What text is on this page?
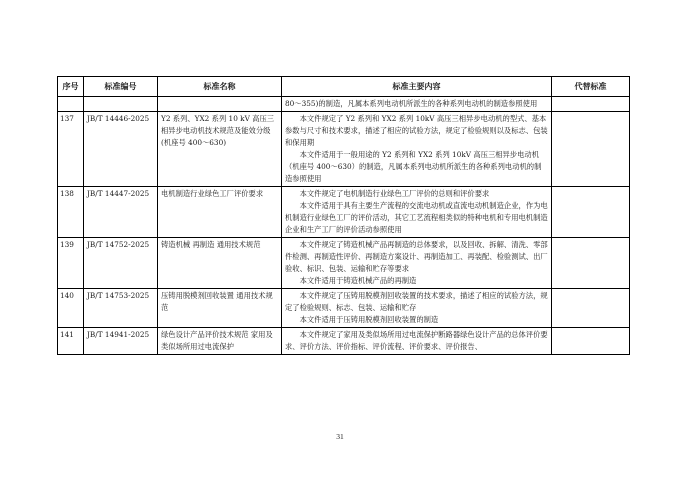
序号	标准编号	标准名称	标准主要内容	代替标准

			80～355)的制造，凡属本系列电动机所派生的各种系列电动机的制造参照使用	

137	JB/T 14446-2025	Y2 系列、YX2 系列 10 kV 高压三相异步电动机技术规范及能效分级(机座号 400～630)	本文件规定了 Y2 系列和 YX2 系列 10kV 高压三相异步电动机的型式、基本参数与尺寸和技术要求，描述了相应的试验方法，规定了检验规则以及标志、包装和保用期

本文件适用于一般用途的 Y2 系列和 YX2 系列 10kV 高压三相异步电动机（机座号 400～630）的制造，凡属本系列电动机所派生的各种系列电动机的制造参照使用	

138	JB/T 14447-2025	电机制造行业绿色工厂评价要求	本文件规定了电机制造行业绿色工厂评价的总则和评价要求

本文件适用于具有主要生产流程的交流电动机或直流电动机制造企业，作为电机制造行业绿色工厂的评价活动，其它工艺流程相类似的特种电机和专用电机制造企业和生产工厂的评价活动参照使用	

139	JB/T 14752-2025	铸造机械 再制造 通用技术规范	本文件规定了铸造机械产品再制造的总体要求，以及回收、拆解、清洗、零部件检测、再制造性评价、再制造方案设计、再制造加工、再装配、检验测试、出厂验收、标识、包装、运输和贮存等要求

本文件适用于铸造机械产品的再制造	

140	JB/T 14753-2025	压铸用脱模剂回收装置 通用技术规范	本文件规定了压铸用脱模剂回收装置的技术要求，描述了相应的试验方法，规定了检验规则、标志、包装、运输和贮存

本文件适用于压铸用脱模剂回收装置的制造	

141	JB/T 14941-2025	绿色设计产品评价技术规范 家用及类似场所用过电流保护	本文件规定了家用及类似场所用过电流保护断路器绿色设计产品的总体评价要求、评价方法、评价指标、评价流程、评价要求、评价报告、	

31
